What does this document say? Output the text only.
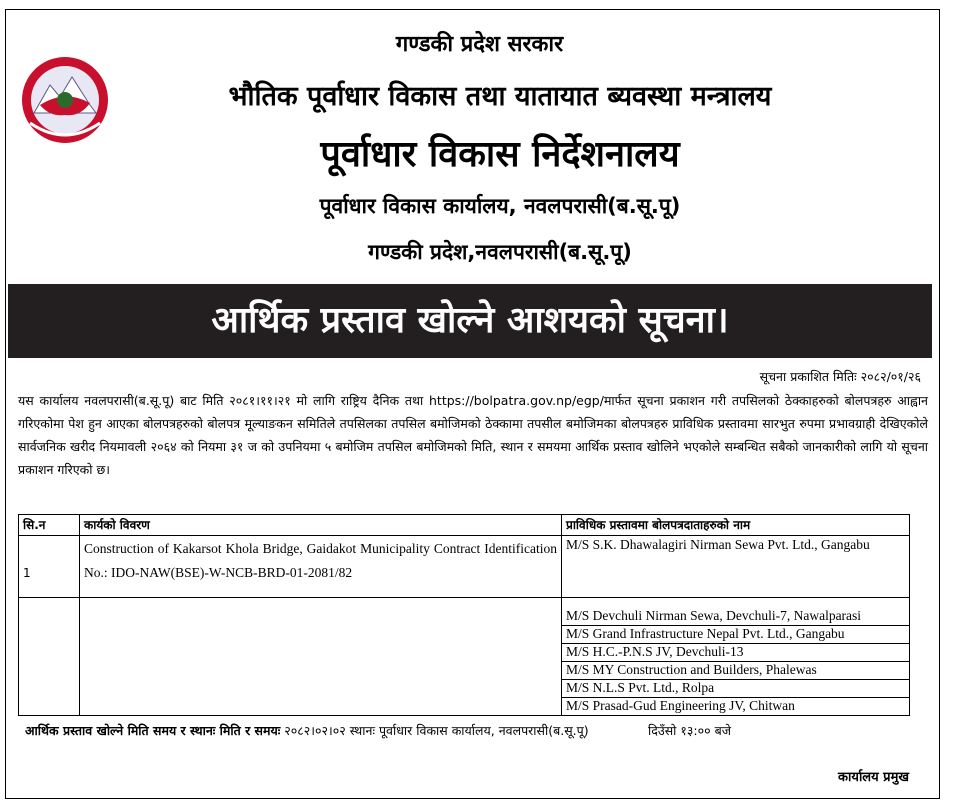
गण्डकी प्रदेश सरकार
भौतिक पूर्वाधार विकास तथा यातायात ब्यवस्था मन्त्रालय
पूर्वाधार विकास निर्देशनालय
पूर्वाधार विकास कार्यालय, नवलपरासी(ब.सू.पू)
गण्डकी प्रदेश,नवलपरासी(ब.सू.पू)
आर्थिक प्रस्ताव खोल्ने आशयको सूचना।
सूचना प्रकाशित मितिः २०८२/०१/२६
यस कार्यालय नवलपरासी(ब.सू.पू) बाट मिति २०८१।११।२१ मो लागि राष्ट्रिय दैनिक तथा https://bolpatra.gov.np/egp/मार्फत सूचना प्रकाशन गरी तपसिलको ठेक्काहरुको बोलपत्रहरु आह्वान गरिएकोमा पेश हुन आएका बोलपत्रहरुको बोलपत्र मूल्याङकन समितिले तपसिलका तपसिल बमोजिमको ठेक्कामा तपसील बमोजिमका बोलपत्रहरु प्राविधिक प्रस्तावमा सारभुत रुपमा प्रभावग्राही देखिएकोले सार्वजनिक खरीद नियमावली २०६४ को नियमा ३१ ज को उपनियमा ५ बमोजिम तपसिल बमोजिमको मिति, स्थान र समयमा आर्थिक प्रस्ताव खोलिने भएकोले सम्बन्धित सबैको जानकारीको लागि यो सूचना प्रकाशन गरिएको छ।
सि.न	कार्यको विवरण	प्राविधिक प्रस्तावमा बोलपत्रदाताहरुको नाम
1	Construction of Kakarsot Khola Bridge, Gaidakot Municipality Contract Identification No.: IDO-NAW(BSE)-W-NCB-BRD-01-2081/82	M/S S.K. Dhawalagiri Nirman Sewa Pvt. Ltd., Gangabu
		M/S Devchuli Nirman Sewa, Devchuli-7, Nawalparasi
		M/S Grand Infrastructure Nepal Pvt. Ltd., Gangabu
		M/S H.C.-P.N.S JV, Devchuli-13
		M/S MY Construction and Builders, Phalewas
		M/S N.L.S Pvt. Ltd., Rolpa
		M/S Prasad-Gud Engineering JV, Chitwan
आर्थिक प्रस्ताव खोल्ने मिति समय र स्थानः मिति र समयः २०८२।०२।०२ स्थानः पूर्वाधार विकास कार्यालय, नवलपरासी(ब.सू.पू)	दिउँसो १३:०० बजे
कार्यालय प्रमुख
